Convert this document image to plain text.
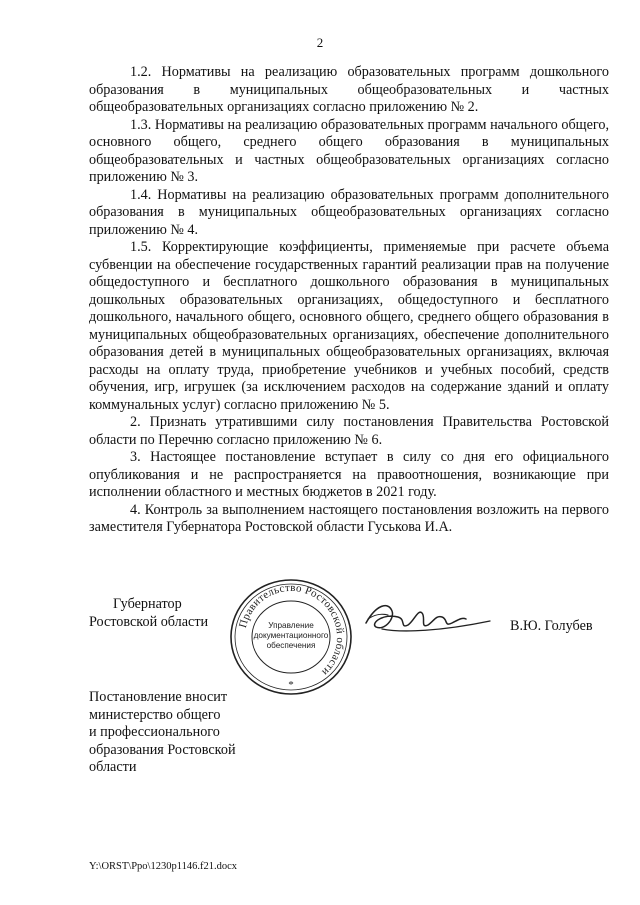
2

1.2. Нормативы на реализацию образовательных программ дошкольного образования в муниципальных общеобразовательных и частных общеобразовательных организациях согласно приложению № 2.

1.3. Нормативы на реализацию образовательных программ начального общего, основного общего, среднего общего образования в муниципальных общеобразовательных и частных общеобразовательных организациях согласно приложению № 3.

1.4. Нормативы на реализацию образовательных программ дополнительного образования в муниципальных общеобразовательных организациях согласно приложению № 4.

1.5. Корректирующие коэффициенты, применяемые при расчете объема субвенции на обеспечение государственных гарантий реализации прав на получение общедоступного и бесплатного дошкольного образования в муниципальных дошкольных образовательных организациях, общедоступного и бесплатного дошкольного, начального общего, основного общего, среднего общего образования в муниципальных общеобразовательных организациях, обеспечение дополнительного образования детей в муниципальных общеобразовательных организациях, включая расходы на оплату труда, приобретение учебников и учебных пособий, средств обучения, игр, игрушек (за исключением расходов на содержание зданий и оплату коммунальных услуг) согласно приложению № 5.

2. Признать утратившими силу постановления Правительства Ростовской области по Перечню согласно приложению № 6.

3. Настоящее постановление вступает в силу со дня его официального опубликования и не распространяется на правоотношения, возникающие при исполнении областного и местных бюджетов в 2021 году.

4. Контроль за выполнением настоящего постановления возложить на первого заместителя Губернатора Ростовской области Гуськова И.А.

Губернатор
Ростовской области	Правительство Ростовской области
Управление
документационного
обеспечения
*
В.Ю. Голубев
Постановление вносит
министерство общего
и профессионального
образования Ростовской
области
Y:\ORST\Ppo\1230p1146.f21.docx
